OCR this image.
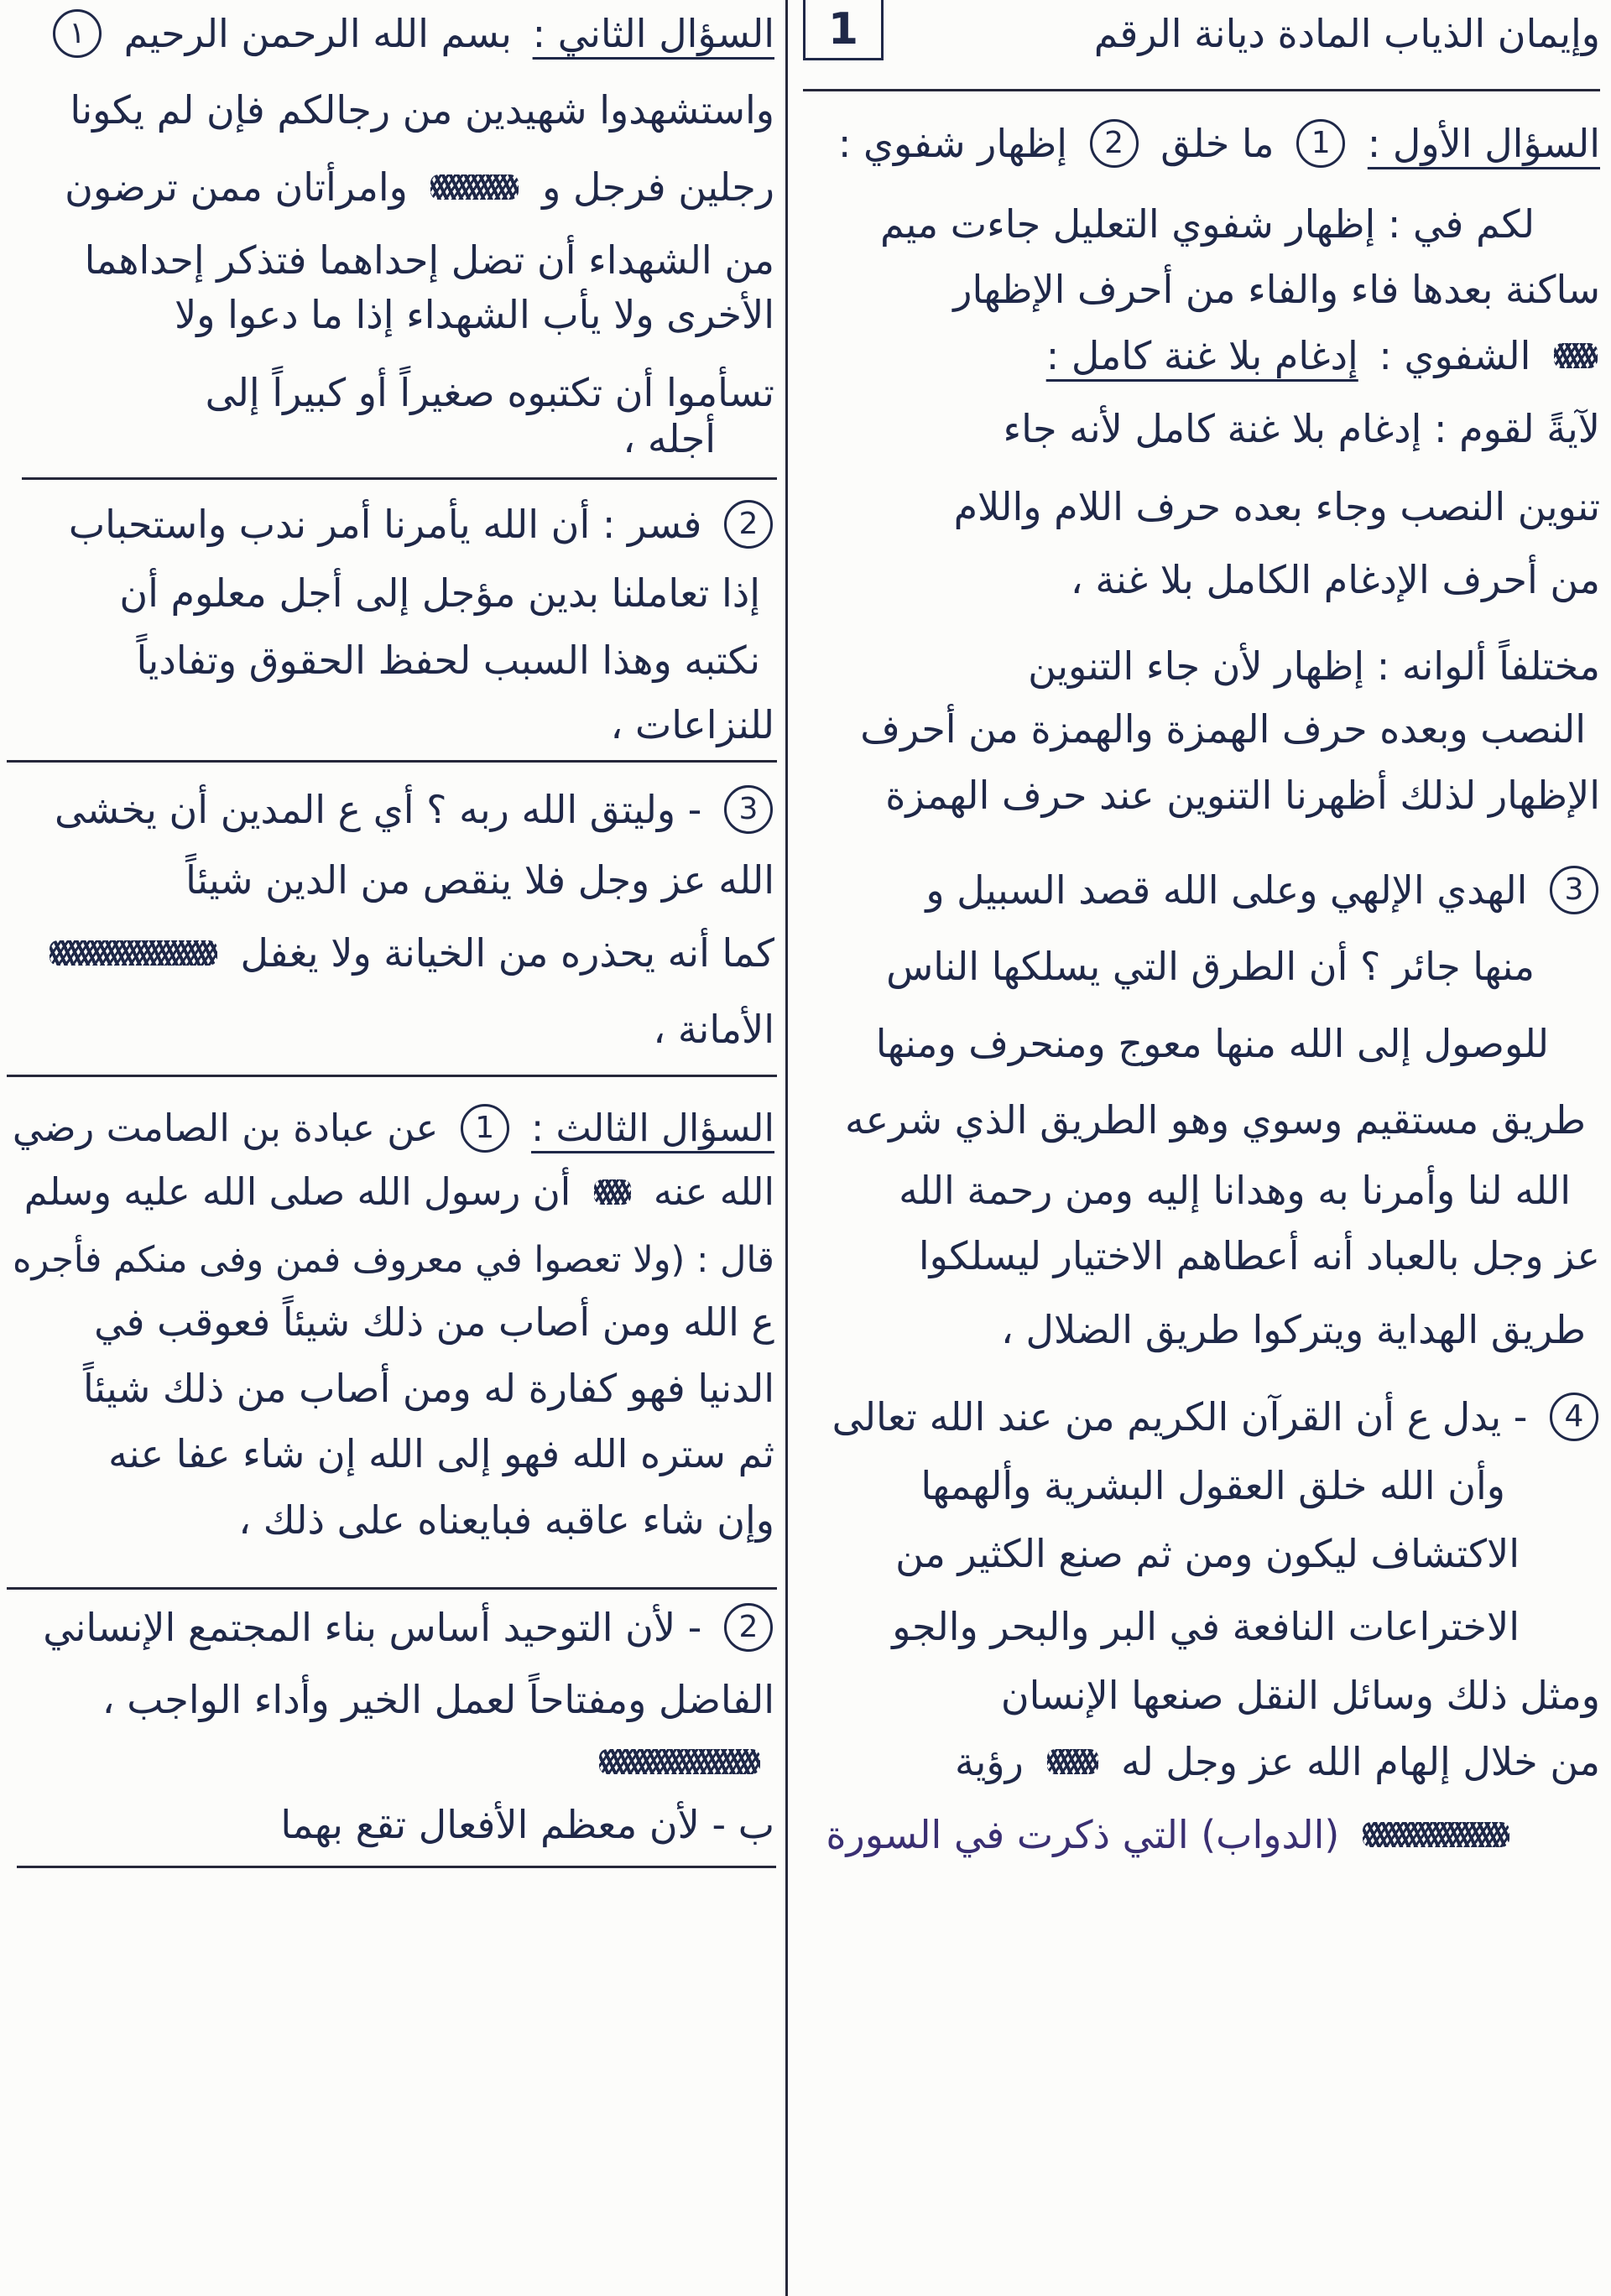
1	وإيمان الذياب المادة ديانة الرقم
السؤال الأول : 1 ما خلق 2 إظهار شفوي :
لكم في : إظهار شفوي التعليل جاءت ميم
ساكنة بعدها فاء والفاء من أحرف الإظهار
الشفوي : إدغام بلا غنة كامل :
لآيةً لقوم : إدغام بلا غنة كامل لأنه جاء
تنوين النصب وجاء بعده حرف اللام واللام
من أحرف الإدغام الكامل بلا غنة ،
مختلفاً ألوانه : إظهار لأن جاء التنوين
النصب وبعده حرف الهمزة والهمزة من أحرف
الإظهار لذلك أظهرنا التنوين عند حرف الهمزة
3 الهدي الإلهي وعلى الله قصد السبيل و
منها جائر ؟ أن الطرق التي يسلكها الناس
للوصول إلى الله منها معوج ومنحرف ومنها
طريق مستقيم وسوي وهو الطريق الذي شرعه
الله لنا وأمرنا به وهدانا إليه ومن رحمة الله
عز وجل بالعباد أنه أعطاهم الاختيار ليسلكوا
طريق الهداية ويتركوا طريق الضلال ،
4 - يدل ع أن القرآن الكريم من عند الله تعالى
وأن الله خلق العقول البشرية وألهمها
الاكتشاف ليكون ومن ثم صنع الكثير من
الاختراعات النافعة في البر والبحر والجو
ومثل ذلك وسائل النقل صنعها الإنسان
من خلال إلهام الله عز وجل له  رؤية
(الدواب) التي ذكرت في السورة
السؤال الثاني : بسم الله الرحمن الرحيم ١
واستشهدوا شهيدين من رجالكم فإن لم يكونا
رجلين فرجل و  وامرأتان ممن ترضون
من الشهداء أن تضل إحداهما فتذكر إحداهما
الأخرى ولا يأب الشهداء إذا ما دعوا ولا
تسأموا أن تكتبوه صغيراً أو كبيراً إلى
أجله ،
2 فسر : أن الله يأمرنا أمر ندب واستحباب
إذا تعاملنا بدين مؤجل إلى أجل معلوم أن
نكتبه وهذا السبب لحفظ الحقوق وتفادياً
للنزاعات ،
3 - وليتق الله ربه ؟ أي ع المدين أن يخشى
الله عز وجل فلا ينقص من الدين شيئاً
كما أنه يحذره من الخيانة ولا يغفل
الأمانة ،
السؤال الثالث : 1 عن عبادة بن الصامت رضي
الله عنه  أن رسول الله صلى الله عليه وسلم
قال : (ولا تعصوا في معروف فمن وفى منكم فأجره
ع الله ومن أصاب من ذلك شيئاً فعوقب في
الدنيا فهو كفارة له ومن أصاب من ذلك شيئاً
ثم ستره الله فهو إلى الله إن شاء عفا عنه
وإن شاء عاقبه فبايعناه على ذلك ،
2 - لأن التوحيد أساس بناء المجتمع الإنساني
الفاضل ومفتاحاً لعمل الخير وأداء الواجب ،
ب - لأن معظم الأفعال تقع بهما
